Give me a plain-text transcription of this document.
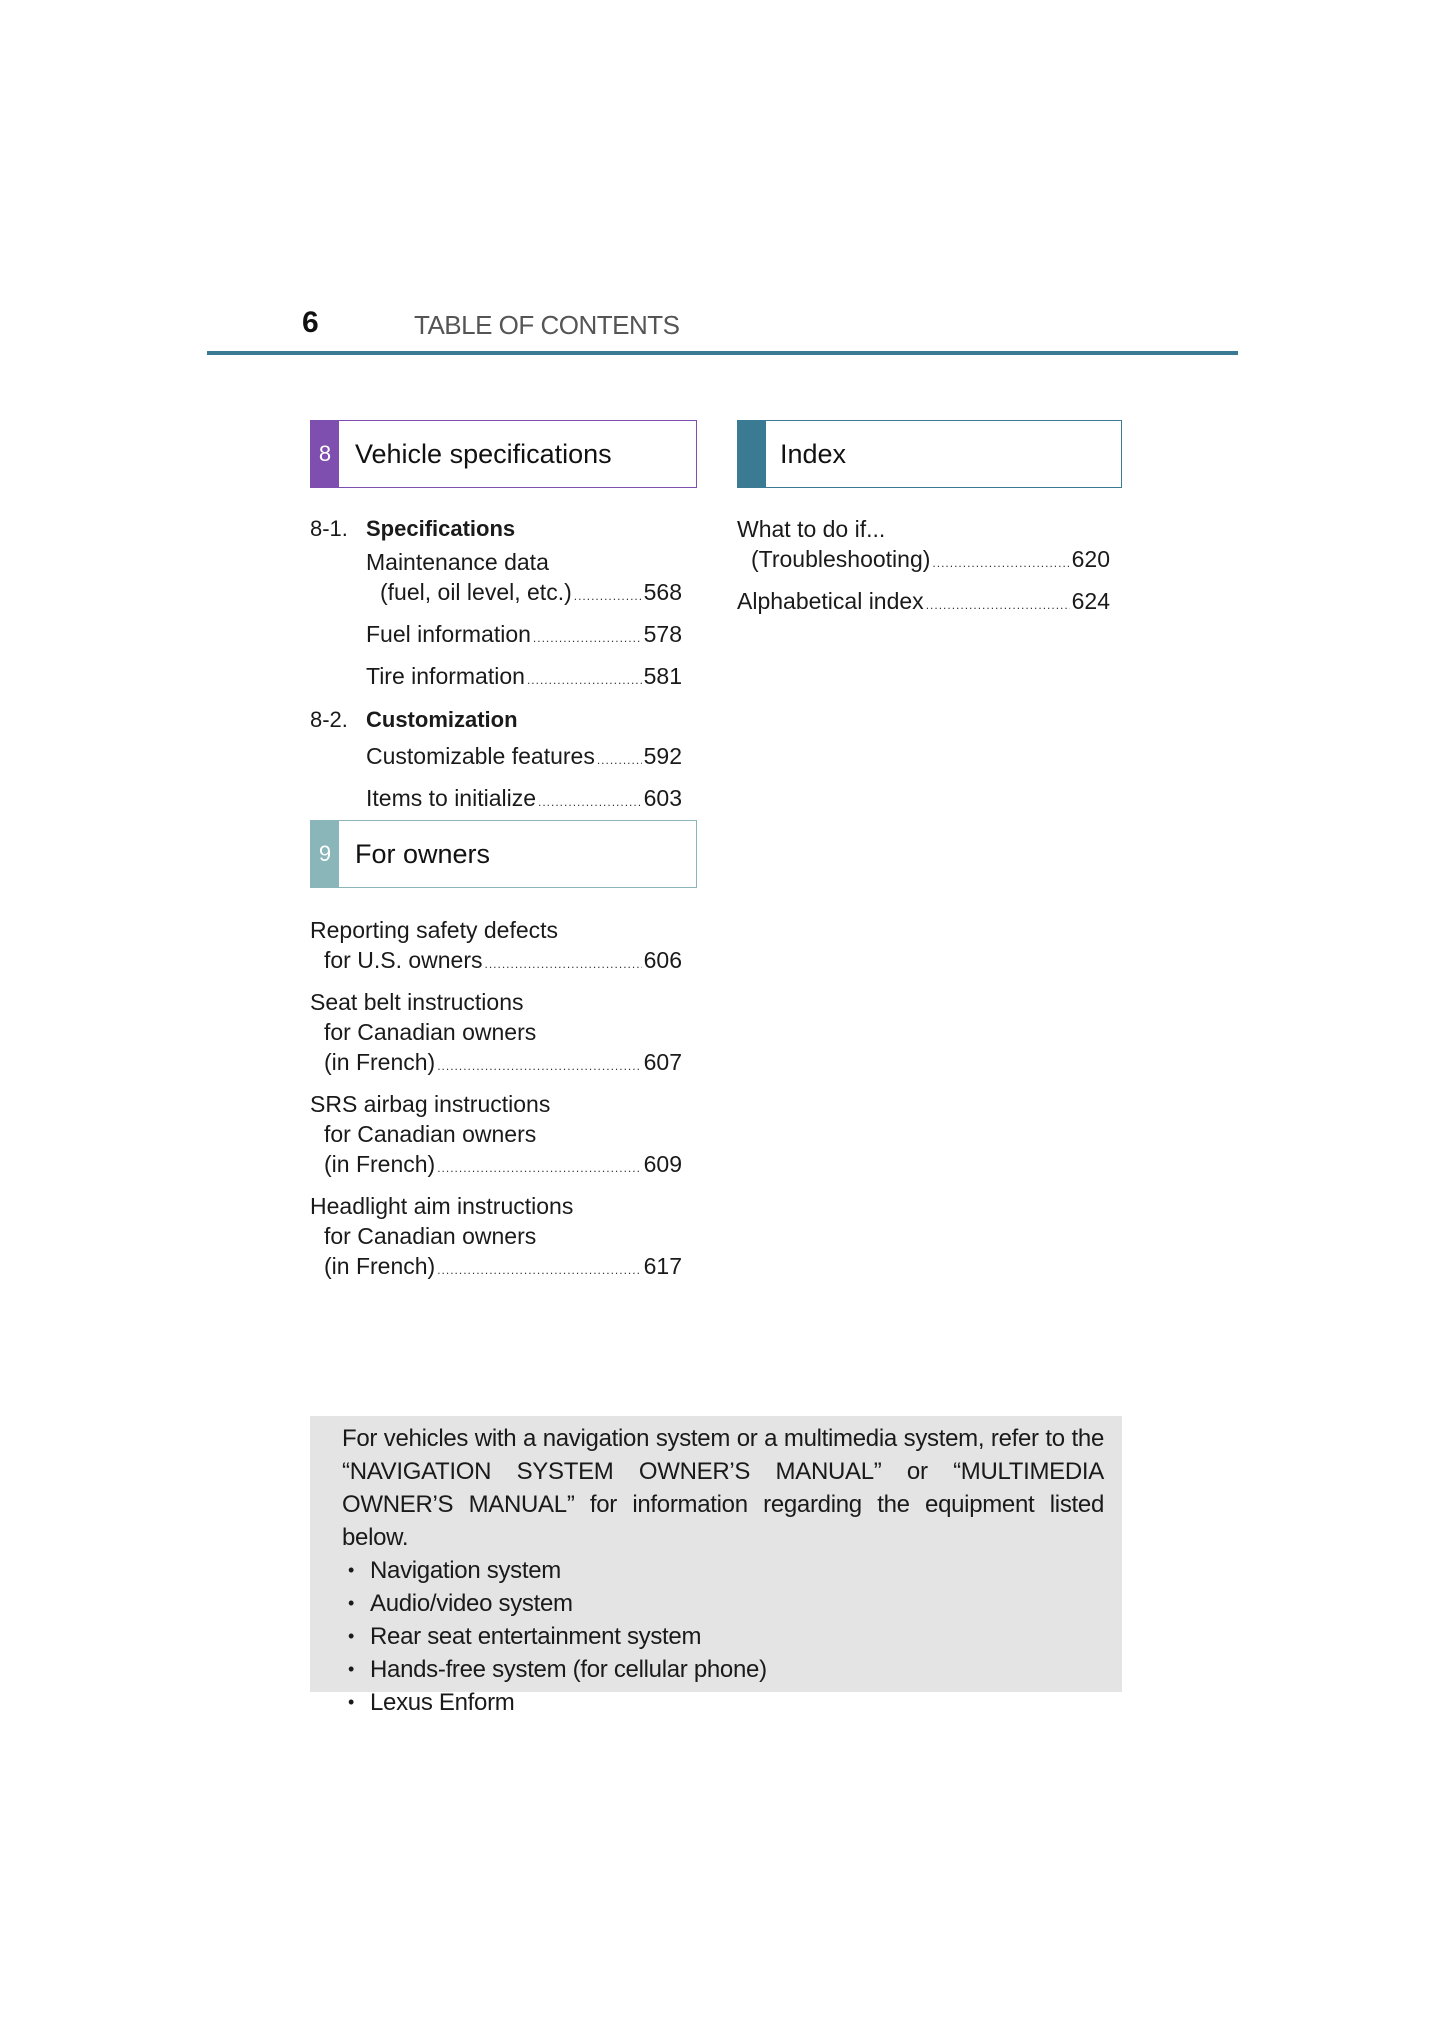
6	TABLE OF CONTENTS
8 Vehicle specifications
8-1. Specifications
Maintenance data
(fuel, oil level, etc.) .....	568
Fuel information .....	578
Tire information .....	581
8-2. Customization
Customizable features ..... 592
Items to initialize .....	603
9 For owners
Reporting safety defects
for U.S. owners .....	606
Seat belt instructions
for Canadian owners
(in French) .....	607
SRS airbag instructions
for Canadian owners
(in French) .....	609
Headlight aim instructions
for Canadian owners
(in French) .....	617
Index
What to do if...
(Troubleshooting) .....	620
Alphabetical index .....	624
For vehicles with a navigation system or a multimedia system, refer to the “NAVIGATION SYSTEM OWNER’S MANUAL” or “MULTIMEDIA OWNER’S MANUAL” for information regarding the equipment listed below.
• Navigation system
• Audio/video system
• Rear seat entertainment system
• Hands-free system (for cellular phone)
• Lexus Enform
